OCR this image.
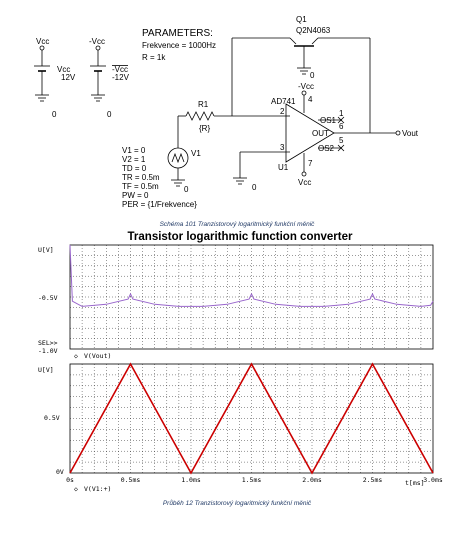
Vcc
Vcc
12V
0
-Vcc
-Vcc
-12V
0
PARAMETERS:
Frekvence = 1000Hz
R = 1k
Q1
Q2N4063
0
R1
{R}
AD741
U1
-Vcc
Vcc
2
3
4
7
1
5
6
OS1
OUT
OS2
Vout
0
V1
0
V1 = 0
V2 = 1
TD = 0
TR = 0.5m
TF = 0.5m
PW = 0
PER = {1/Frekvence}
Schéma 101 Tranzistorový logaritmický funkční měnič
Transistor logarithmic function converter
U[V]
-0.5V
SEL>>
-1.0V
◇ V(Vout)
U[V]
0.5V
0V
0s	0.5ms	1.0ms	1.5ms	2.0ms	2.5ms	3.0ms
t[ms]
◇ V(V1:+)
Průběh 12 Tranzistorový logaritmický funkční měnič
